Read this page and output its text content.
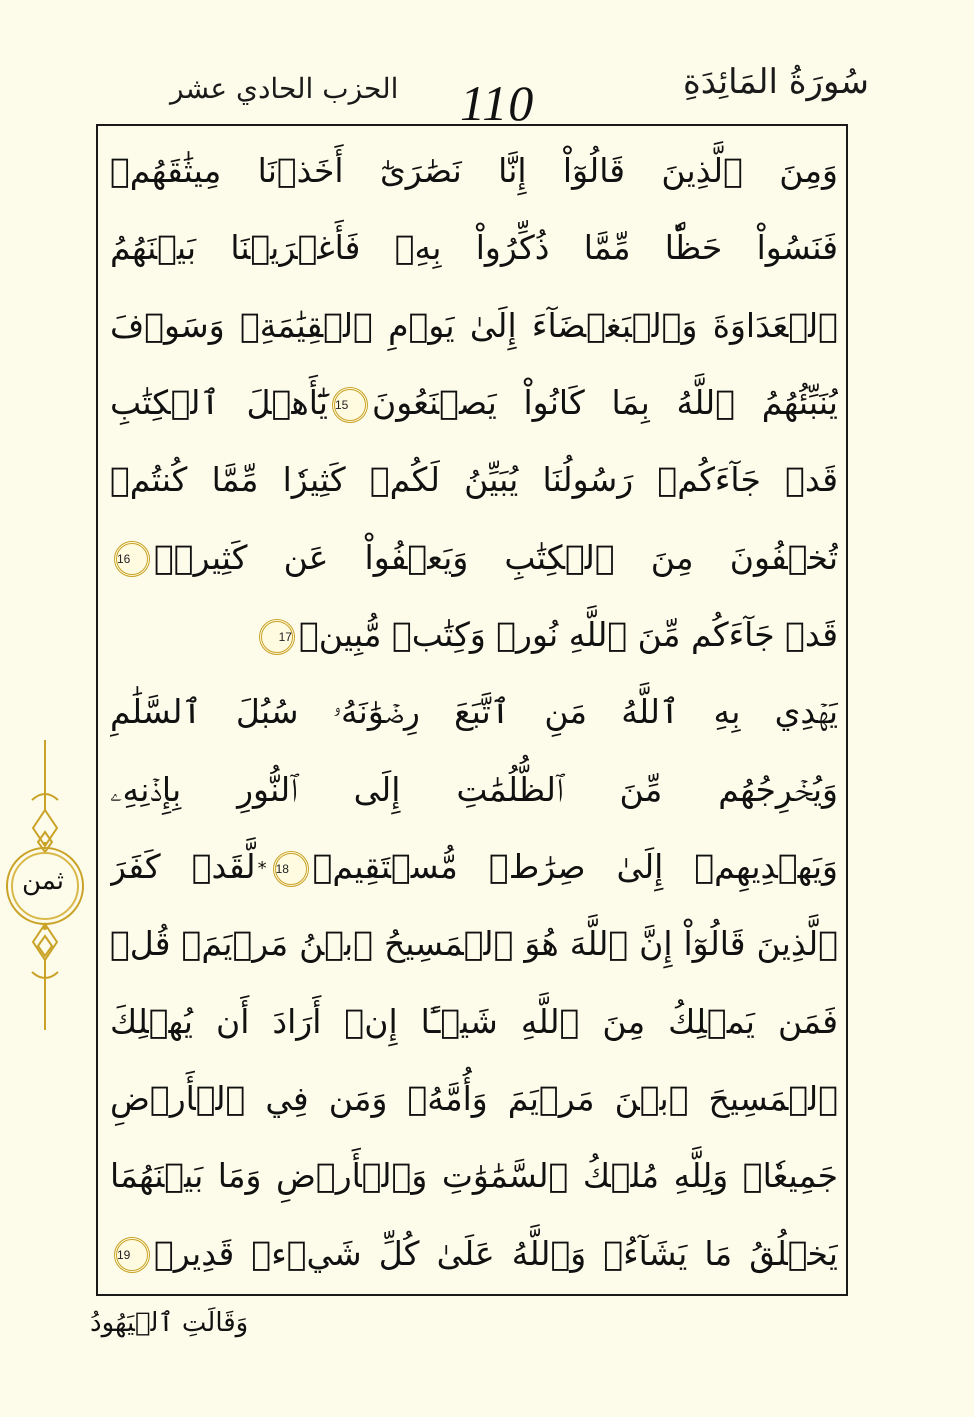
سُورَةُ المَائِدَةِ
110
الحزب الحادي عشر
وَمِنَ ٱلَّذِينَ قَالُوٓاْ إِنَّا نَصَٰرَىٰٓ أَخَذۡنَا مِيثَٰقَهُمۡ
فَنَسُواْ حَظّٗا مِّمَّا ذُكِّرُواْ بِهِۦ فَأَغۡرَيۡنَا بَيۡنَهُمُ
ٱلۡعَدَاوَةَ وَٱلۡبَغۡضَآءَ إِلَىٰ يَوۡمِ ٱلۡقِيَٰمَةِۚ وَسَوۡفَ
يُنَبِّئُهُمُ ٱللَّهُ بِمَا كَانُواْ يَصۡنَعُونَ15يَٰٓأَهۡلَ ٱلۡكِتَٰبِ
قَدۡ جَآءَكُمۡ رَسُولُنَا يُبَيِّنُ لَكُمۡ كَثِيرٗا مِّمَّا كُنتُمۡ
تُخۡفُونَ مِنَ ٱلۡكِتَٰبِ وَيَعۡفُواْ عَن كَثِيرٖۚ16
قَدۡ جَآءَكُم مِّنَ ٱللَّهِ نُورٞ وَكِتَٰبٞ مُّبِينٞ17
يَهۡدِي بِهِ ٱللَّهُ مَنِ ٱتَّبَعَ رِضۡوَٰنَهُۥ سُبُلَ ٱلسَّلَٰمِ
وَيُخۡرِجُهُم مِّنَ ٱلظُّلُمَٰتِ إِلَى ٱلنُّورِ بِإِذۡنِهِۦ
وَيَهۡدِيهِمۡ إِلَىٰ صِرَٰطٖ مُّسۡتَقِيمٖ18*لَّقَدۡ كَفَرَ
ٱلَّذِينَ قَالُوٓاْ إِنَّ ٱللَّهَ هُوَ ٱلۡمَسِيحُ ٱبۡنُ مَرۡيَمَۚ قُلۡ
فَمَن يَمۡلِكُ مِنَ ٱللَّهِ شَيۡـًٔا إِنۡ أَرَادَ أَن يُهۡلِكَ
ٱلۡمَسِيحَ ٱبۡنَ مَرۡيَمَ وَأُمَّهُۥ وَمَن فِي ٱلۡأَرۡضِ
جَمِيعٗاۗ وَلِلَّهِ مُلۡكُ ٱلسَّمَٰوَٰتِ وَٱلۡأَرۡضِ وَمَا بَيۡنَهُمَا
يَخۡلُقُ مَا يَشَآءُۚ وَٱللَّهُ عَلَىٰ كُلِّ شَيۡءٖ قَدِيرٞ19
ثمن
وَقَالَتِ ٱلۡيَهُودُ
